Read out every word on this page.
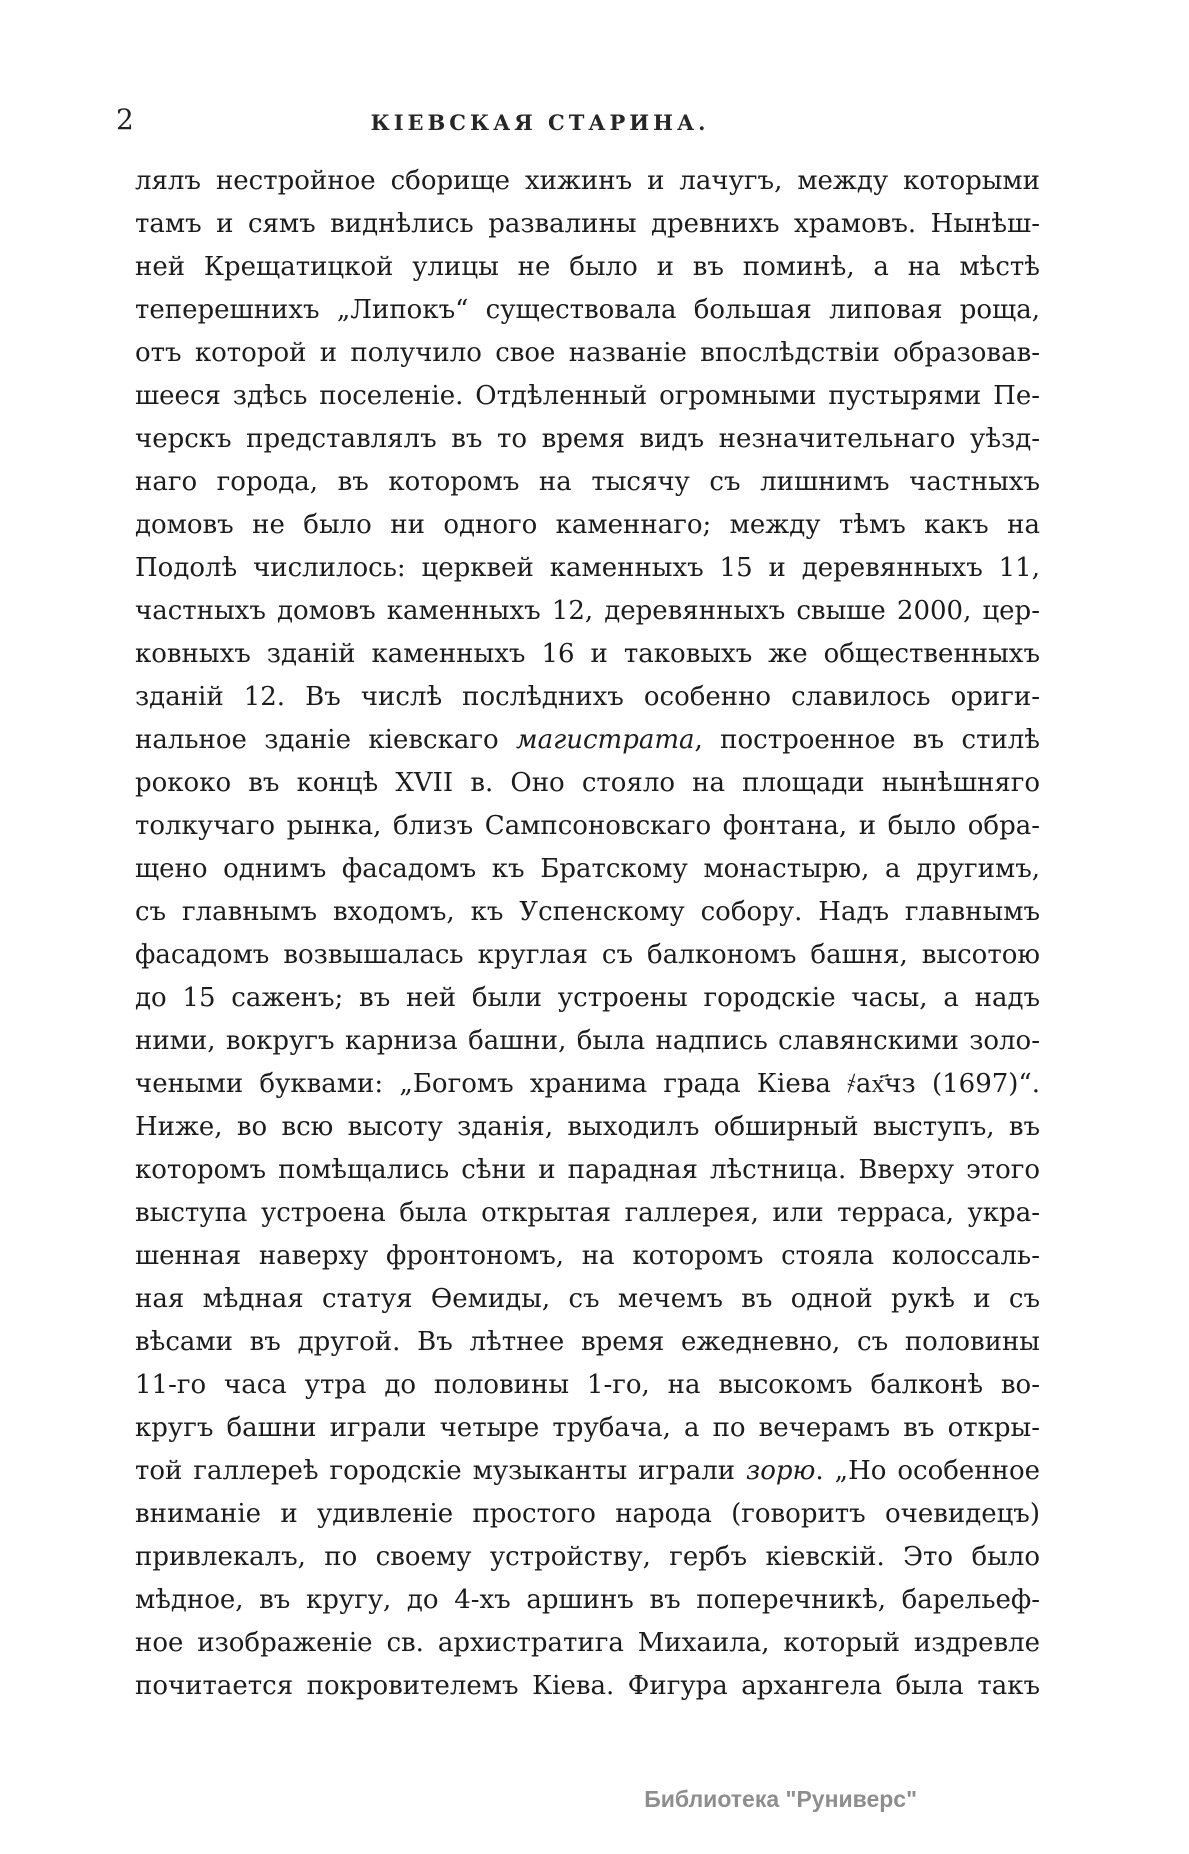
2	КІЕВСКАЯ СТАРИНА.
лялъ нестройное сборище хижинъ и лачугъ, между которыми
тамъ и сямъ виднѣлись развалины древнихъ храмовъ. Нынѣш-
ней Крещатицкой улицы не было и въ поминѣ, а на мѣстѣ
теперешнихъ „Липокъ“ существовала большая липовая роща,
отъ которой и получило свое названіе впослѣдствіи образовав-
шееся здѣсь поселеніе. Отдѣленный огромными пустырями Пе-
черскъ представлялъ въ то время видъ незначительнаго уѣзд-
наго города, въ которомъ на тысячу съ лишнимъ частныхъ
домовъ не было ни одного каменнаго; между тѣмъ какъ на
Подолѣ числилось: церквей каменныхъ 15 и деревянныхъ 11,
частныхъ домовъ каменныхъ 12, деревянныхъ свыше 2000, цер-
ковныхъ зданій каменныхъ 16 и таковыхъ же общественныхъ
зданій 12. Въ числѣ послѣднихъ особенно славилось ориги-
нальное зданіе кіевскаго магистрата, построенное въ стилѣ
рококо въ концѣ XVII в. Оно стояло на площади нынѣшняго
толкучаго рынка, близъ Сампсоновскаго фонтана, и было обра-
щено однимъ фасадомъ къ Братскому монастырю, а другимъ,
съ главнымъ входомъ, къ Успенскому собору. Надъ главнымъ
фасадомъ возвышалась круглая съ балкономъ башня, высотою
до 15 саженъ; въ ней были устроены городскіе часы, а надъ
ними, вокругъ карниза башни, была надпись славянскими золо-
чеными буквами: „Богомъ хранима града Кіева ҂ах҃чз (1697)“.
Ниже, во всю высоту зданія, выходилъ обширный выступъ, въ
которомъ помѣщались сѣни и парадная лѣстница. Вверху этого
выступа устроена была открытая галлерея, или терраса, укра-
шенная наверху фронтономъ, на которомъ стояла колоссаль-
ная мѣдная статуя Ѳемиды, съ мечемъ въ одной рукѣ и съ
вѣсами въ другой. Въ лѣтнее время ежедневно, съ половины
11-го часа утра до половины 1-го, на высокомъ балконѣ во-
кругъ башни играли четыре трубача, а по вечерамъ въ откры-
той галлереѣ городскіе музыканты играли зорю. „Но особенное
вниманіе и удивленіе простого народа (говоритъ очевидецъ)
привлекалъ, по своему устройству, гербъ кіевскій. Это было
мѣдное, въ кругу, до 4-хъ аршинъ въ поперечникѣ, барельеф-
ное изображеніе св. архистратига Михаила, который издревле
почитается покровителемъ Кіева. Фигура архангела была такъ
Библиотека "Руниверс"
